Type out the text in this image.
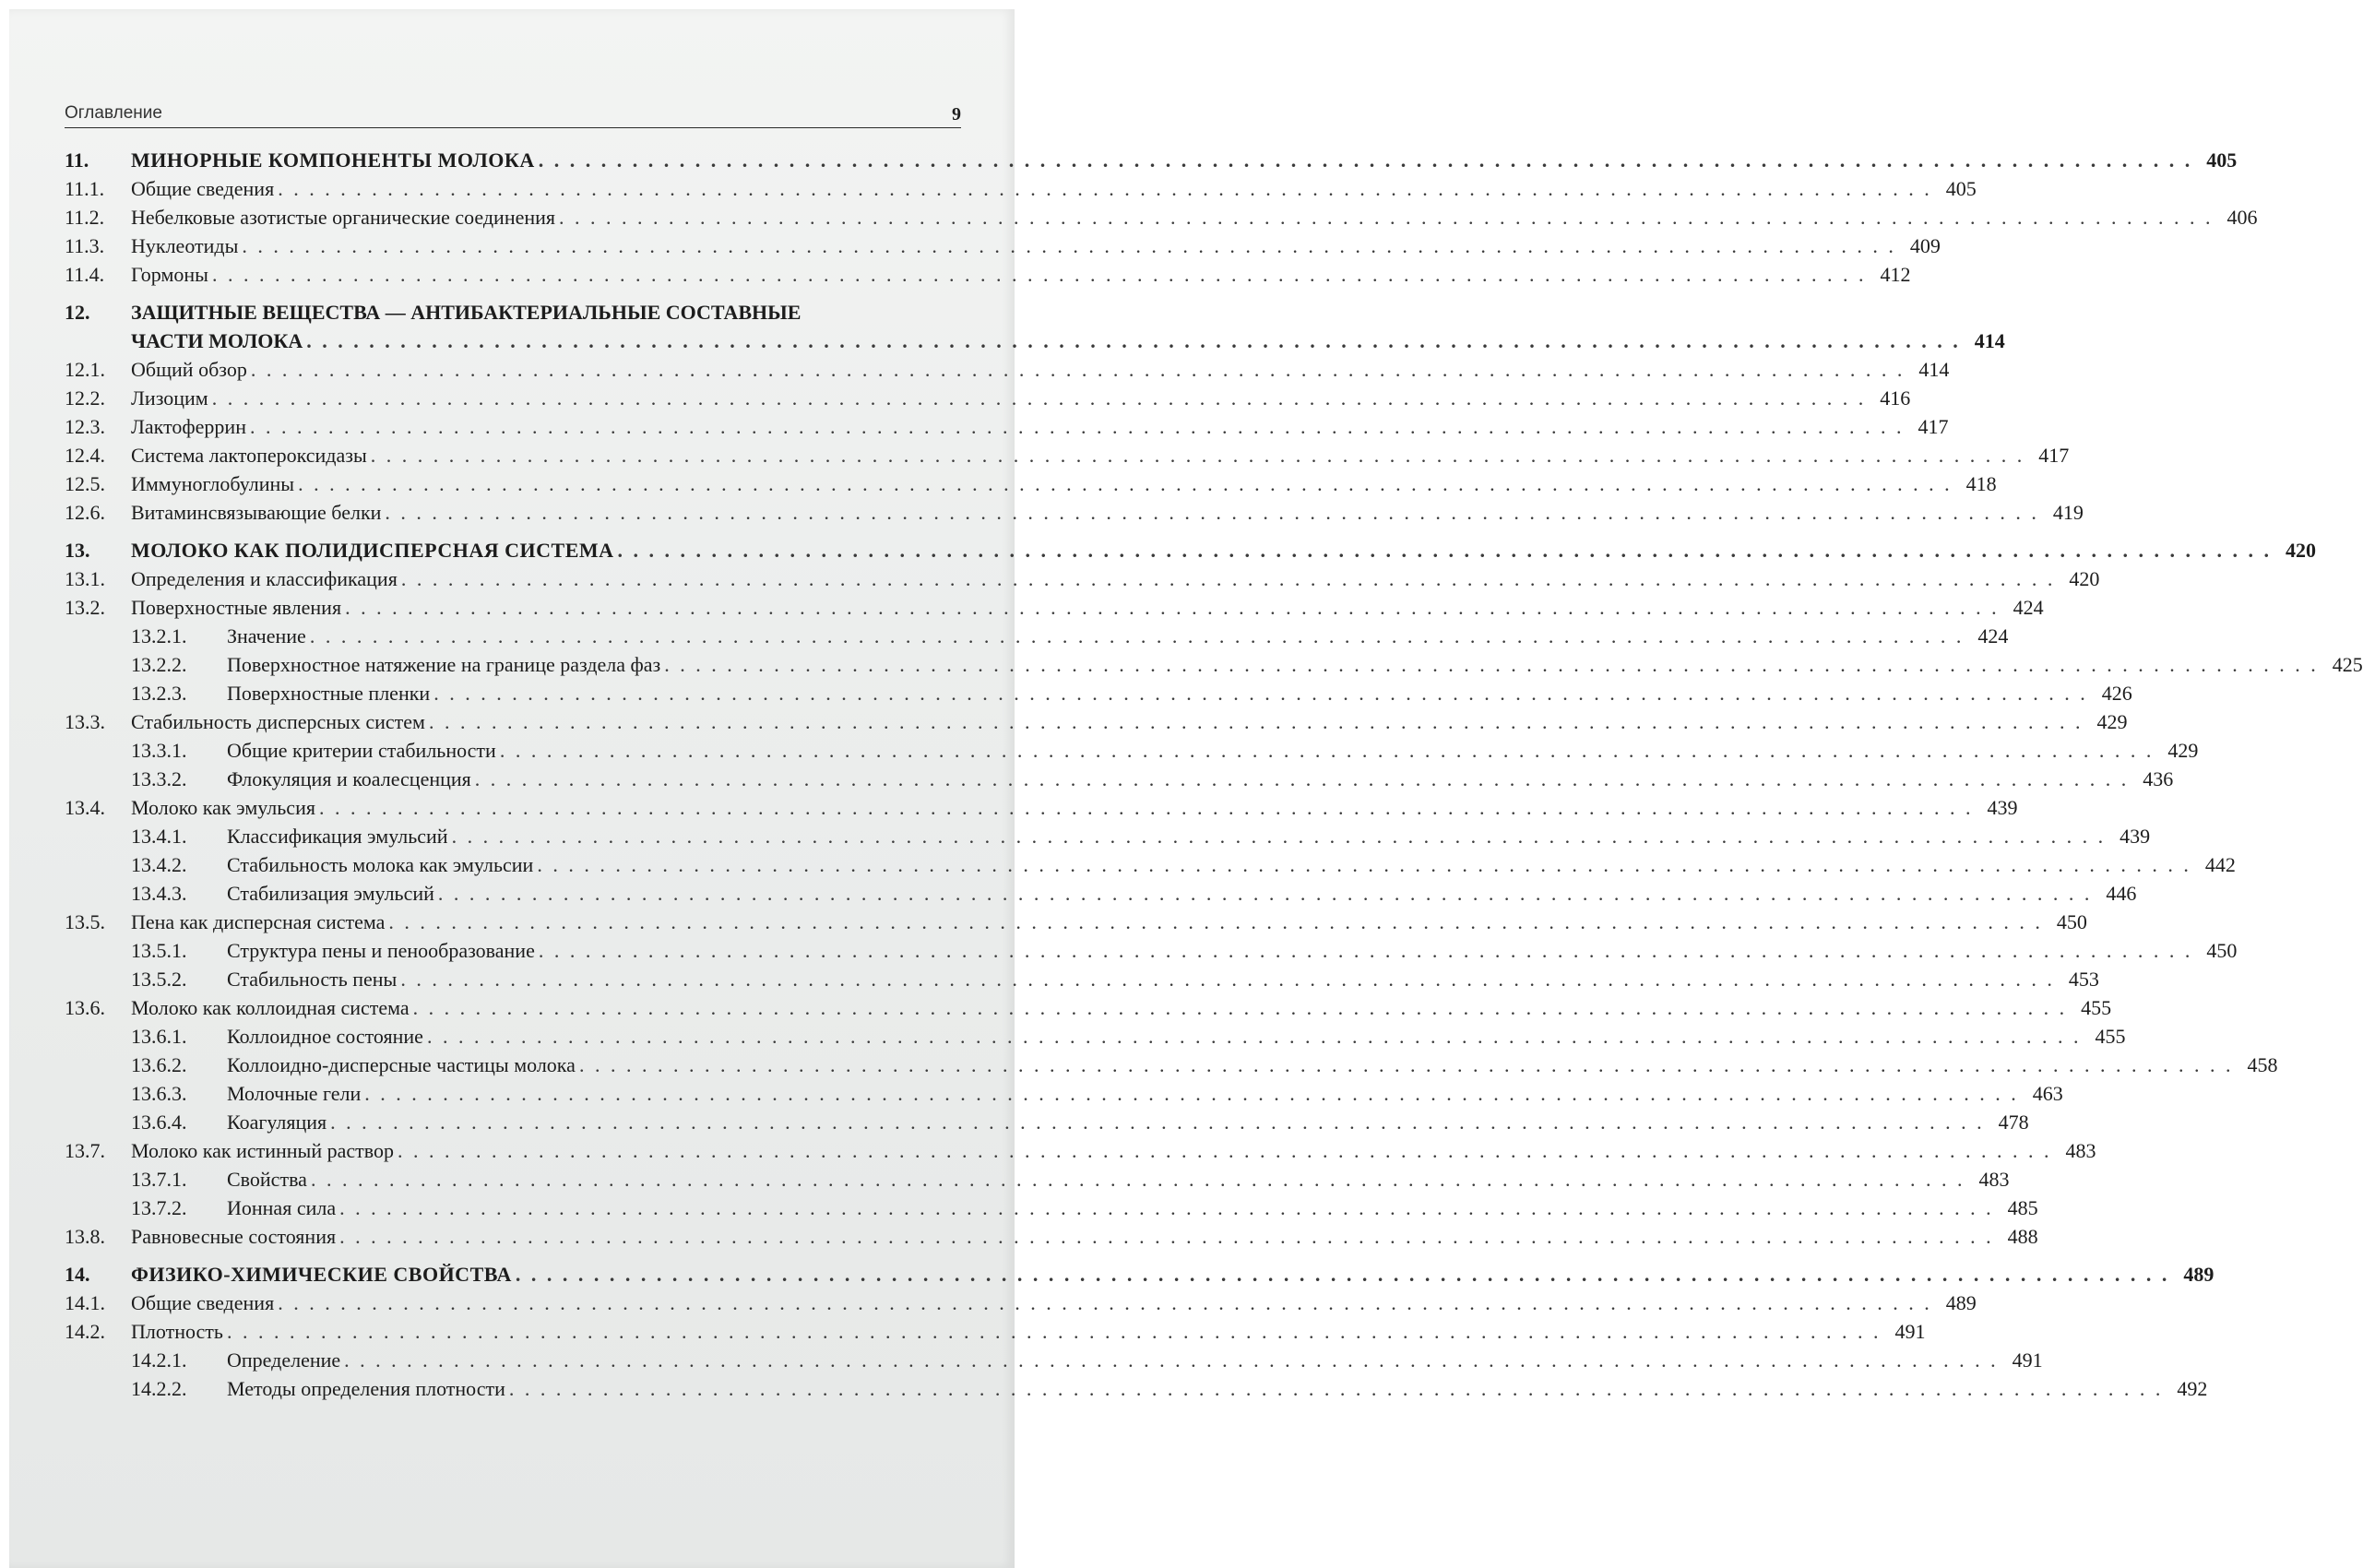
Оглавление	9
11.	МИНОРНЫЕ КОМПОНЕНТЫ МОЛОКА . . . . . . . . . . . . . . . . . . . . . . . . . . . . . . . . . . . . . . . . . . . . . . . . . . . . . . . . . . . . . . . . . . . . . . . . . . . . . . . . . . . . . . . . . . . . . . . . . . . . . . . . . . 405
11.1.	Общие сведения . . . . . . . . . . . . . . . . . . . . . . . . . . . . . . . . . . . . . . . . . . . . . . . . . . . . . . . . . . . . . . . . . . . . . . . . . . . . . . . . . . . . . . . . . . . . . . . . . . . . . . . . . . 405
11.2.	Небелковые азотистые органические соединения . . . . . . . . . . . . . . . . . . . . . . . . . . . . . . . . . . . . . . . . . . . . . . . . . . . . . . . . . . . . . . . . . . . . . . . . . . . . . . . . . . . . . . . . . . . . . . . . . . . . . . . . . . 406
11.3.	Нуклеотиды . . . . . . . . . . . . . . . . . . . . . . . . . . . . . . . . . . . . . . . . . . . . . . . . . . . . . . . . . . . . . . . . . . . . . . . . . . . . . . . . . . . . . . . . . . . . . . . . . . . . . . . . . . 409
11.4.	Гормоны . . . . . . . . . . . . . . . . . . . . . . . . . . . . . . . . . . . . . . . . . . . . . . . . . . . . . . . . . . . . . . . . . . . . . . . . . . . . . . . . . . . . . . . . . . . . . . . . . . . . . . . . . . 412
12.	ЗАЩИТНЫЕ ВЕЩЕСТВА — АНТИБАКТЕРИАЛЬНЫЕ СОСТАВНЫЕ
ЧАСТИ МОЛОКА . . . . . . . . . . . . . . . . . . . . . . . . . . . . . . . . . . . . . . . . . . . . . . . . . . . . . . . . . . . . . . . . . . . . . . . . . . . . . . . . . . . . . . . . . . . . . . . . . . . . . . . . . . 414
12.1.	Общий обзор . . . . . . . . . . . . . . . . . . . . . . . . . . . . . . . . . . . . . . . . . . . . . . . . . . . . . . . . . . . . . . . . . . . . . . . . . . . . . . . . . . . . . . . . . . . . . . . . . . . . . . . . . . 414
12.2.	Лизоцим . . . . . . . . . . . . . . . . . . . . . . . . . . . . . . . . . . . . . . . . . . . . . . . . . . . . . . . . . . . . . . . . . . . . . . . . . . . . . . . . . . . . . . . . . . . . . . . . . . . . . . . . . . 416
12.3.	Лактоферрин . . . . . . . . . . . . . . . . . . . . . . . . . . . . . . . . . . . . . . . . . . . . . . . . . . . . . . . . . . . . . . . . . . . . . . . . . . . . . . . . . . . . . . . . . . . . . . . . . . . . . . . . . . 417
12.4.	Система лактопероксидазы . . . . . . . . . . . . . . . . . . . . . . . . . . . . . . . . . . . . . . . . . . . . . . . . . . . . . . . . . . . . . . . . . . . . . . . . . . . . . . . . . . . . . . . . . . . . . . . . . . . . . . . . . . 417
12.5.	Иммуноглобулины . . . . . . . . . . . . . . . . . . . . . . . . . . . . . . . . . . . . . . . . . . . . . . . . . . . . . . . . . . . . . . . . . . . . . . . . . . . . . . . . . . . . . . . . . . . . . . . . . . . . . . . . . . 418
12.6.	Витаминсвязывающие белки . . . . . . . . . . . . . . . . . . . . . . . . . . . . . . . . . . . . . . . . . . . . . . . . . . . . . . . . . . . . . . . . . . . . . . . . . . . . . . . . . . . . . . . . . . . . . . . . . . . . . . . . . . 419
13.	МОЛОКО КАК ПОЛИДИСПЕРСНАЯ СИСТЕМА . . . . . . . . . . . . . . . . . . . . . . . . . . . . . . . . . . . . . . . . . . . . . . . . . . . . . . . . . . . . . . . . . . . . . . . . . . . . . . . . . . . . . . . . . . . . . . . . . . . . . . . . . . 420
13.1.	Определения и классификация . . . . . . . . . . . . . . . . . . . . . . . . . . . . . . . . . . . . . . . . . . . . . . . . . . . . . . . . . . . . . . . . . . . . . . . . . . . . . . . . . . . . . . . . . . . . . . . . . . . . . . . . . . 420
13.2.	Поверхностные явления . . . . . . . . . . . . . . . . . . . . . . . . . . . . . . . . . . . . . . . . . . . . . . . . . . . . . . . . . . . . . . . . . . . . . . . . . . . . . . . . . . . . . . . . . . . . . . . . . . . . . . . . . . 424
13.2.1.	Значение . . . . . . . . . . . . . . . . . . . . . . . . . . . . . . . . . . . . . . . . . . . . . . . . . . . . . . . . . . . . . . . . . . . . . . . . . . . . . . . . . . . . . . . . . . . . . . . . . . . . . . . . . . 424
13.2.2.	Поверхностное натяжение на границе раздела фаз . . . . . . . . . . . . . . . . . . . . . . . . . . . . . . . . . . . . . . . . . . . . . . . . . . . . . . . . . . . . . . . . . . . . . . . . . . . . . . . . . . . . . . . . . . . . . . . . . . . . . . . . . . 425
13.2.3.	Поверхностные пленки . . . . . . . . . . . . . . . . . . . . . . . . . . . . . . . . . . . . . . . . . . . . . . . . . . . . . . . . . . . . . . . . . . . . . . . . . . . . . . . . . . . . . . . . . . . . . . . . . . . . . . . . . . 426
13.3.	Стабильность дисперсных систем . . . . . . . . . . . . . . . . . . . . . . . . . . . . . . . . . . . . . . . . . . . . . . . . . . . . . . . . . . . . . . . . . . . . . . . . . . . . . . . . . . . . . . . . . . . . . . . . . . . . . . . . . . 429
13.3.1.	Общие критерии стабильности . . . . . . . . . . . . . . . . . . . . . . . . . . . . . . . . . . . . . . . . . . . . . . . . . . . . . . . . . . . . . . . . . . . . . . . . . . . . . . . . . . . . . . . . . . . . . . . . . . . . . . . . . . 429
13.3.2.	Флокуляция и коалесценция . . . . . . . . . . . . . . . . . . . . . . . . . . . . . . . . . . . . . . . . . . . . . . . . . . . . . . . . . . . . . . . . . . . . . . . . . . . . . . . . . . . . . . . . . . . . . . . . . . . . . . . . . . 436
13.4.	Молоко как эмульсия . . . . . . . . . . . . . . . . . . . . . . . . . . . . . . . . . . . . . . . . . . . . . . . . . . . . . . . . . . . . . . . . . . . . . . . . . . . . . . . . . . . . . . . . . . . . . . . . . . . . . . . . . . 439
13.4.1.	Классификация эмульсий . . . . . . . . . . . . . . . . . . . . . . . . . . . . . . . . . . . . . . . . . . . . . . . . . . . . . . . . . . . . . . . . . . . . . . . . . . . . . . . . . . . . . . . . . . . . . . . . . . . . . . . . . . 439
13.4.2.	Стабильность молока как эмульсии . . . . . . . . . . . . . . . . . . . . . . . . . . . . . . . . . . . . . . . . . . . . . . . . . . . . . . . . . . . . . . . . . . . . . . . . . . . . . . . . . . . . . . . . . . . . . . . . . . . . . . . . . . 442
13.4.3.	Стабилизация эмульсий . . . . . . . . . . . . . . . . . . . . . . . . . . . . . . . . . . . . . . . . . . . . . . . . . . . . . . . . . . . . . . . . . . . . . . . . . . . . . . . . . . . . . . . . . . . . . . . . . . . . . . . . . . 446
13.5.	Пена как дисперсная система . . . . . . . . . . . . . . . . . . . . . . . . . . . . . . . . . . . . . . . . . . . . . . . . . . . . . . . . . . . . . . . . . . . . . . . . . . . . . . . . . . . . . . . . . . . . . . . . . . . . . . . . . . 450
13.5.1.	Структура пены и пенообразование . . . . . . . . . . . . . . . . . . . . . . . . . . . . . . . . . . . . . . . . . . . . . . . . . . . . . . . . . . . . . . . . . . . . . . . . . . . . . . . . . . . . . . . . . . . . . . . . . . . . . . . . . . 450
13.5.2.	Стабильность пены . . . . . . . . . . . . . . . . . . . . . . . . . . . . . . . . . . . . . . . . . . . . . . . . . . . . . . . . . . . . . . . . . . . . . . . . . . . . . . . . . . . . . . . . . . . . . . . . . . . . . . . . . . 453
13.6.	Молоко как коллоидная система . . . . . . . . . . . . . . . . . . . . . . . . . . . . . . . . . . . . . . . . . . . . . . . . . . . . . . . . . . . . . . . . . . . . . . . . . . . . . . . . . . . . . . . . . . . . . . . . . . . . . . . . . . 455
13.6.1.	Коллоидное состояние . . . . . . . . . . . . . . . . . . . . . . . . . . . . . . . . . . . . . . . . . . . . . . . . . . . . . . . . . . . . . . . . . . . . . . . . . . . . . . . . . . . . . . . . . . . . . . . . . . . . . . . . . . 455
13.6.2.	Коллоидно-дисперсные частицы молока . . . . . . . . . . . . . . . . . . . . . . . . . . . . . . . . . . . . . . . . . . . . . . . . . . . . . . . . . . . . . . . . . . . . . . . . . . . . . . . . . . . . . . . . . . . . . . . . . . . . . . . . . . 458
13.6.3.	Молочные гели . . . . . . . . . . . . . . . . . . . . . . . . . . . . . . . . . . . . . . . . . . . . . . . . . . . . . . . . . . . . . . . . . . . . . . . . . . . . . . . . . . . . . . . . . . . . . . . . . . . . . . . . . . 463
13.6.4.	Коагуляция . . . . . . . . . . . . . . . . . . . . . . . . . . . . . . . . . . . . . . . . . . . . . . . . . . . . . . . . . . . . . . . . . . . . . . . . . . . . . . . . . . . . . . . . . . . . . . . . . . . . . . . . . . 478
13.7.	Молоко как истинный раствор . . . . . . . . . . . . . . . . . . . . . . . . . . . . . . . . . . . . . . . . . . . . . . . . . . . . . . . . . . . . . . . . . . . . . . . . . . . . . . . . . . . . . . . . . . . . . . . . . . . . . . . . . . 483
13.7.1.	Свойства . . . . . . . . . . . . . . . . . . . . . . . . . . . . . . . . . . . . . . . . . . . . . . . . . . . . . . . . . . . . . . . . . . . . . . . . . . . . . . . . . . . . . . . . . . . . . . . . . . . . . . . . . . 483
13.7.2.	Ионная сила . . . . . . . . . . . . . . . . . . . . . . . . . . . . . . . . . . . . . . . . . . . . . . . . . . . . . . . . . . . . . . . . . . . . . . . . . . . . . . . . . . . . . . . . . . . . . . . . . . . . . . . . . . 485
13.8.	Равновесные состояния . . . . . . . . . . . . . . . . . . . . . . . . . . . . . . . . . . . . . . . . . . . . . . . . . . . . . . . . . . . . . . . . . . . . . . . . . . . . . . . . . . . . . . . . . . . . . . . . . . . . . . . . . . 488
14.	ФИЗИКО-ХИМИЧЕСКИЕ СВОЙСТВА . . . . . . . . . . . . . . . . . . . . . . . . . . . . . . . . . . . . . . . . . . . . . . . . . . . . . . . . . . . . . . . . . . . . . . . . . . . . . . . . . . . . . . . . . . . . . . . . . . . . . . . . . . 489
14.1.	Общие сведения . . . . . . . . . . . . . . . . . . . . . . . . . . . . . . . . . . . . . . . . . . . . . . . . . . . . . . . . . . . . . . . . . . . . . . . . . . . . . . . . . . . . . . . . . . . . . . . . . . . . . . . . . . 489
14.2.	Плотность . . . . . . . . . . . . . . . . . . . . . . . . . . . . . . . . . . . . . . . . . . . . . . . . . . . . . . . . . . . . . . . . . . . . . . . . . . . . . . . . . . . . . . . . . . . . . . . . . . . . . . . . . . 491
14.2.1.	Определение . . . . . . . . . . . . . . . . . . . . . . . . . . . . . . . . . . . . . . . . . . . . . . . . . . . . . . . . . . . . . . . . . . . . . . . . . . . . . . . . . . . . . . . . . . . . . . . . . . . . . . . . . . 491
14.2.2.	Методы определения плотности . . . . . . . . . . . . . . . . . . . . . . . . . . . . . . . . . . . . . . . . . . . . . . . . . . . . . . . . . . . . . . . . . . . . . . . . . . . . . . . . . . . . . . . . . . . . . . . . . . . . . . . . . . 492
